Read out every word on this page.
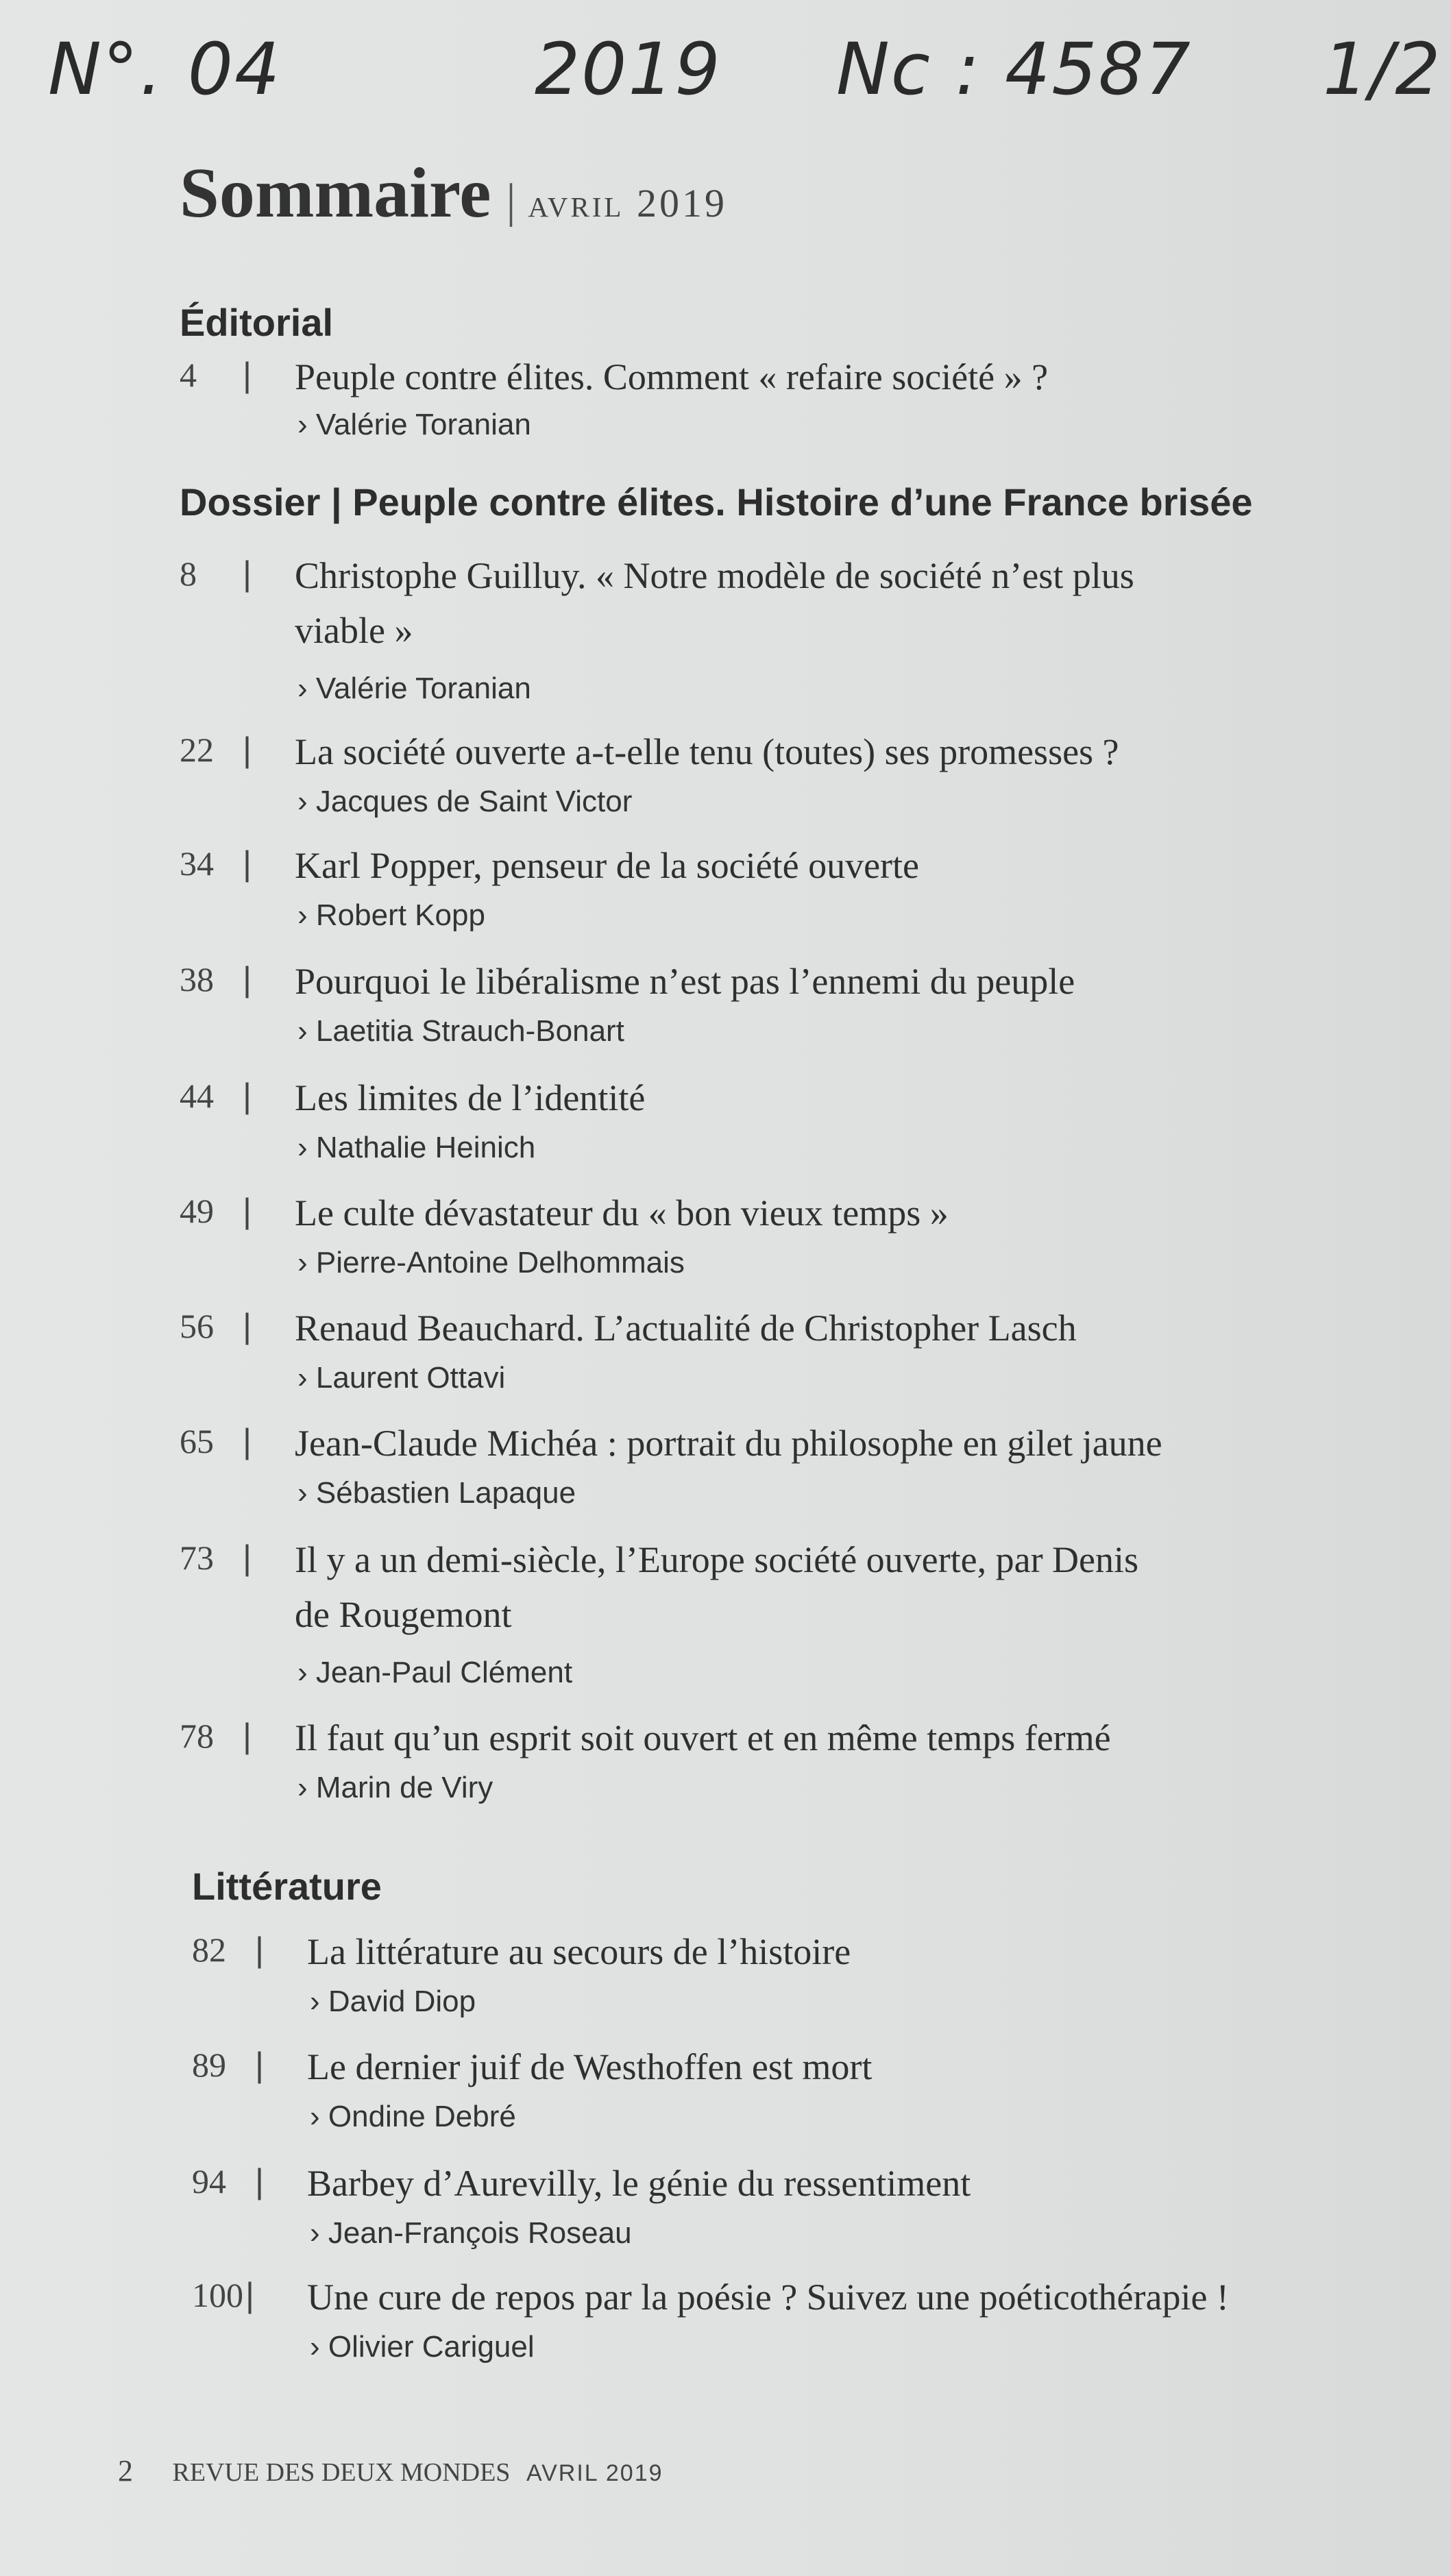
N°. 04	2019 Nc : 4587 1/2
Sommaire | avril 2019
Éditorial
4	| Peuple contre élites. Comment « refaire société » ?
› Valérie Toranian
Dossier | Peuple contre élites. Histoire d’une France brisée
8	| Christophe Guilluy. « Notre modèle de société n’est plus viable »
› Valérie Toranian
22 | La société ouverte a-t-elle tenu (toutes) ses promesses ?
› Jacques de Saint Victor
34 | Karl Popper, penseur de la société ouverte
› Robert Kopp
38 | Pourquoi le libéralisme n’est pas l’ennemi du peuple
› Laetitia Strauch-Bonart
44 | Les limites de l’identité
› Nathalie Heinich
49 | Le culte dévastateur du « bon vieux temps »
› Pierre-Antoine Delhommais
56 | Renaud Beauchard. L’actualité de Christopher Lasch
› Laurent Ottavi
65 | Jean-Claude Michéa : portrait du philosophe en gilet jaune
› Sébastien Lapaque
73 | Il y a un demi-siècle, l’Europe société ouverte, par Denis de Rougemont
› Jean-Paul Clément
78 | Il faut qu’un esprit soit ouvert et en même temps fermé
› Marin de Viry
Littérature
82 | La littérature au secours de l’histoire
› David Diop
89 | Le dernier juif de Westhoffen est mort
› Ondine Debré
94 | Barbey d’Aurevilly, le génie du ressentiment
› Jean-François Roseau
100 | Une cure de repos par la poésie ? Suivez une poéticothérapie !
› Olivier Cariguel
2 REVUE DES DEUX MONDES AVRIL 2019
